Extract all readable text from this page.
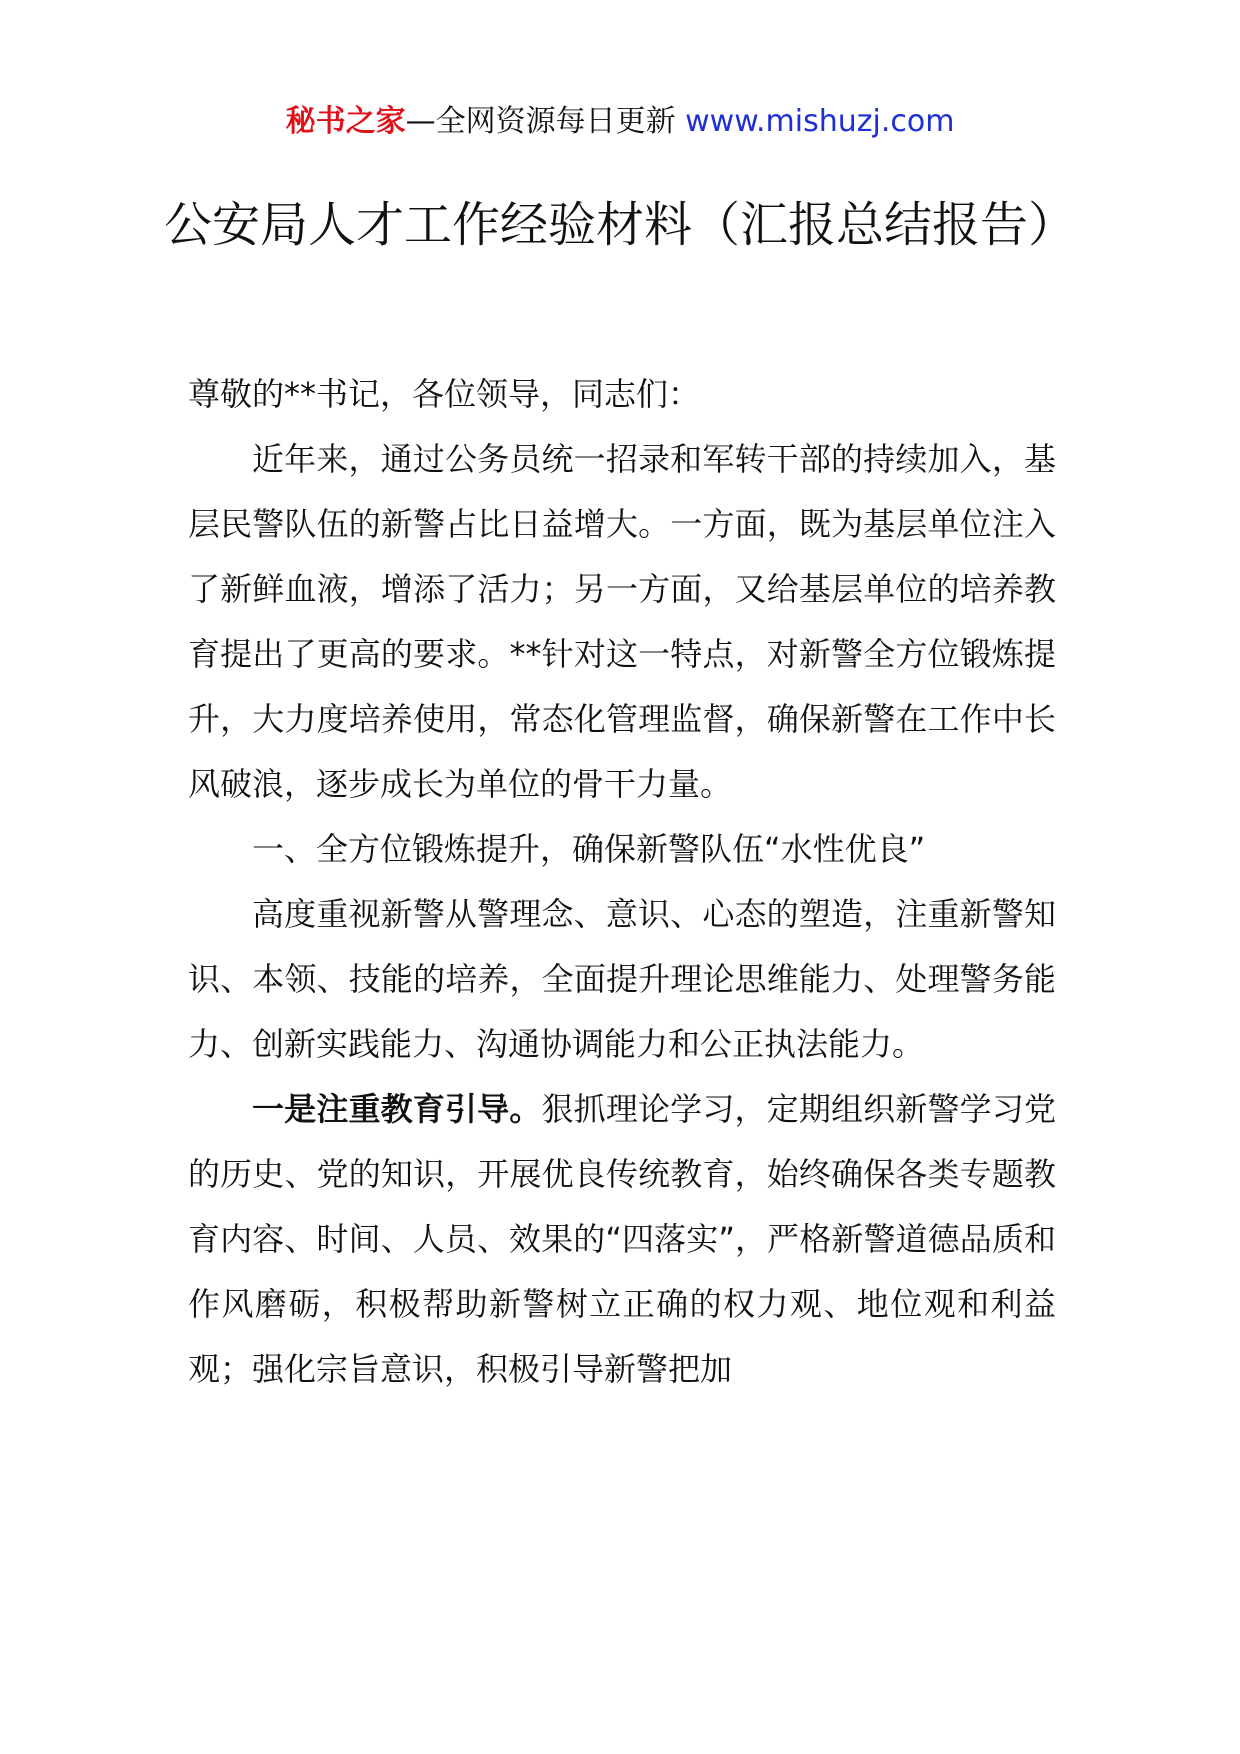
秘书之家—全网资源每日更新 www.mishuzj.com
公安局人才工作经验材料（汇报总结报告）

尊敬的**书记，各位领导，同志们：

近年来，通过公务员统一招录和军转干部的持续加入，基层民警队伍的新警占比日益增大。一方面，既为基层单位注入了新鲜血液，增添了活力；另一方面，又给基层单位的培养教育提出了更高的要求。**针对这一特点，对新警全方位锻炼提升，大力度培养使用，常态化管理监督，确保新警在工作中长风破浪，逐步成长为单位的骨干力量。

一、全方位锻炼提升，确保新警队伍“水性优良”

高度重视新警从警理念、意识、心态的塑造，注重新警知识、本领、技能的培养，全面提升理论思维能力、处理警务能力、创新实践能力、沟通协调能力和公正执法能力。

一是注重教育引导。狠抓理论学习，定期组织新警学习党的历史、党的知识，开展优良传统教育，始终确保各类专题教育内容、时间、人员、效果的“四落实”，严格新警道德品质和作风磨砺，积极帮助新警树立正确的权力观、地位观和利益观；强化宗旨意识，积极引导新警把加
